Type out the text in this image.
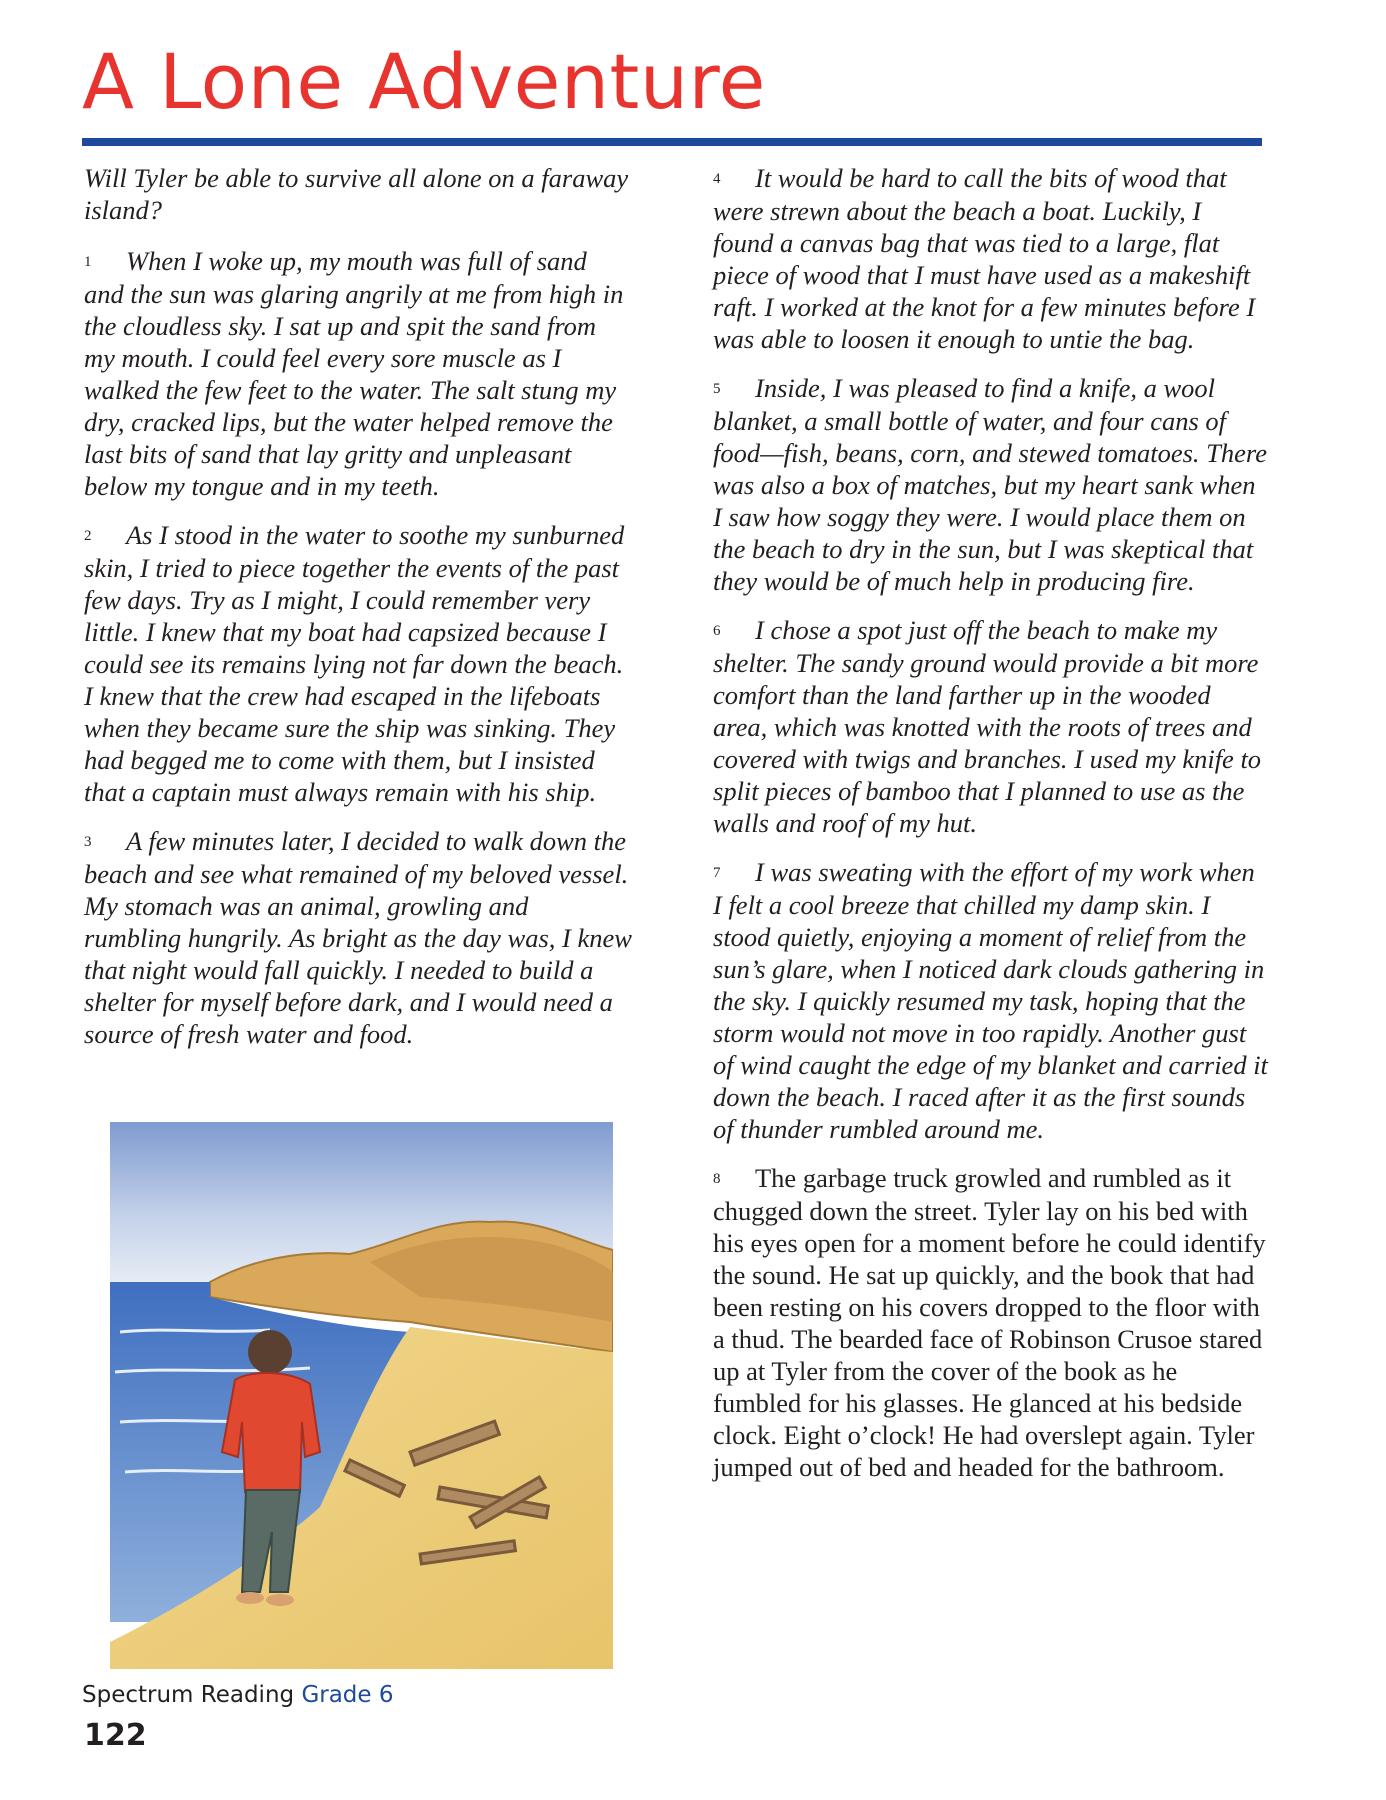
A Lone Adventure

Will Tyler be able to survive all alone on a faraway island?

1 When I woke up, my mouth was full of sand and the sun was glaring angrily at me from high in the cloudless sky. I sat up and spit the sand from my mouth. I could feel every sore muscle as I walked the few feet to the water. The salt stung my dry, cracked lips, but the water helped remove the last bits of sand that lay gritty and unpleasant below my tongue and in my teeth.

2 As I stood in the water to soothe my sunburned skin, I tried to piece together the events of the past few days. Try as I might, I could remember very little. I knew that my boat had capsized because I could see its remains lying not far down the beach. I knew that the crew had escaped in the lifeboats when they became sure the ship was sinking. They had begged me to come with them, but I insisted that a captain must always remain with his ship.

3 A few minutes later, I decided to walk down the beach and see what remained of my beloved vessel. My stomach was an animal, growling and rumbling hungrily. As bright as the day was, I knew that night would fall quickly. I needed to build a shelter for myself before dark, and I would need a source of fresh water and food.

4 It would be hard to call the bits of wood that were strewn about the beach a boat. Luckily, I found a canvas bag that was tied to a large, flat piece of wood that I must have used as a makeshift raft. I worked at the knot for a few minutes before I was able to loosen it enough to untie the bag.

5 Inside, I was pleased to find a knife, a wool blanket, a small bottle of water, and four cans of food—fish, beans, corn, and stewed tomatoes. There was also a box of matches, but my heart sank when I saw how soggy they were. I would place them on the beach to dry in the sun, but I was skeptical that they would be of much help in producing fire.

6 I chose a spot just off the beach to make my shelter. The sandy ground would provide a bit more comfort than the land farther up in the wooded area, which was knotted with the roots of trees and covered with twigs and branches. I used my knife to split pieces of bamboo that I planned to use as the walls and roof of my hut.

7 I was sweating with the effort of my work when I felt a cool breeze that chilled my damp skin. I stood quietly, enjoying a moment of relief from the sun’s glare, when I noticed dark clouds gathering in the sky. I quickly resumed my task, hoping that the storm would not move in too rapidly. Another gust of wind caught the edge of my blanket and carried it down the beach. I raced after it as the first sounds of thunder rumbled around me.

8 The garbage truck growled and rumbled as it chugged down the street. Tyler lay on his bed with his eyes open for a moment before he could identify the sound. He sat up quickly, and the book that had been resting on his covers dropped to the floor with a thud. The bearded face of Robinson Crusoe stared up at Tyler from the cover of the book as he fumbled for his glasses. He glanced at his bedside clock. Eight o’clock! He had overslept again. Tyler jumped out of bed and headed for the bathroom.

Spectrum Reading Grade 6
122
